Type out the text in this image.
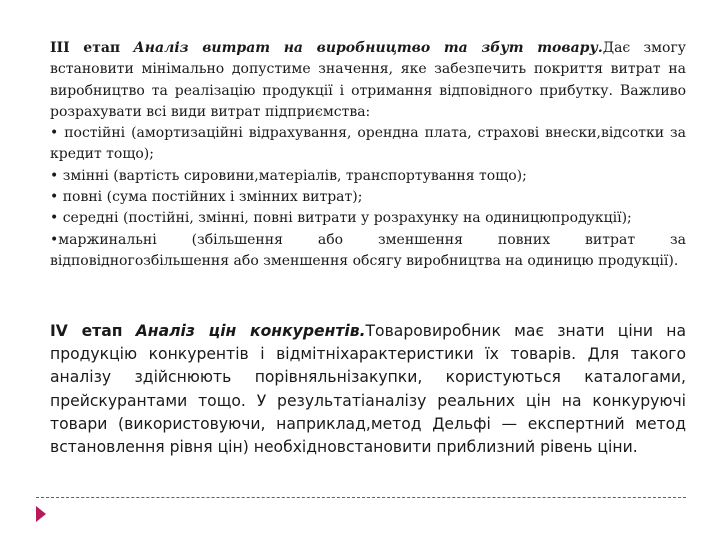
III етап Аналіз витрат на виробництво та збут товару.Дає змогу встановити мінімально допустиме значення, яке забезпечить покриття витрат на виробництво та реалізацію продукції і отримання відповідного прибутку. Важливо розрахувати всі види витрат підприємства:

• постійні (амортизаційні відрахування, орендна плата, страхові внески,відсотки за кредит тощо);

• змінні (вартість сировини,матеріалів, транспортування тощо);

• повні (сума постійних і змінних витрат);

• середні (постійні, змінні, повні витрати у розрахунку на одиницюпродукції);

•маржинальні (збільшення або зменшення повних витрат за відповідногозбільшення або зменшення обсягу виробництва на одиницю продукції).

IV етап Аналіз цін конкурентів.Товаровиробник має знати ціни на продукцію конкурентів і відмітніхарактеристики їх товарів. Для такого аналізу здійснюють порівняльнізакупки, користуються каталогами, прейскурантами тощо. У результатіаналізу реальних цін на конкуруючі товари (використовуючи, наприклад,метод Дельфі — експертний метод встановлення рівня цін) необхідновстановити приблизний рівень ціни.
